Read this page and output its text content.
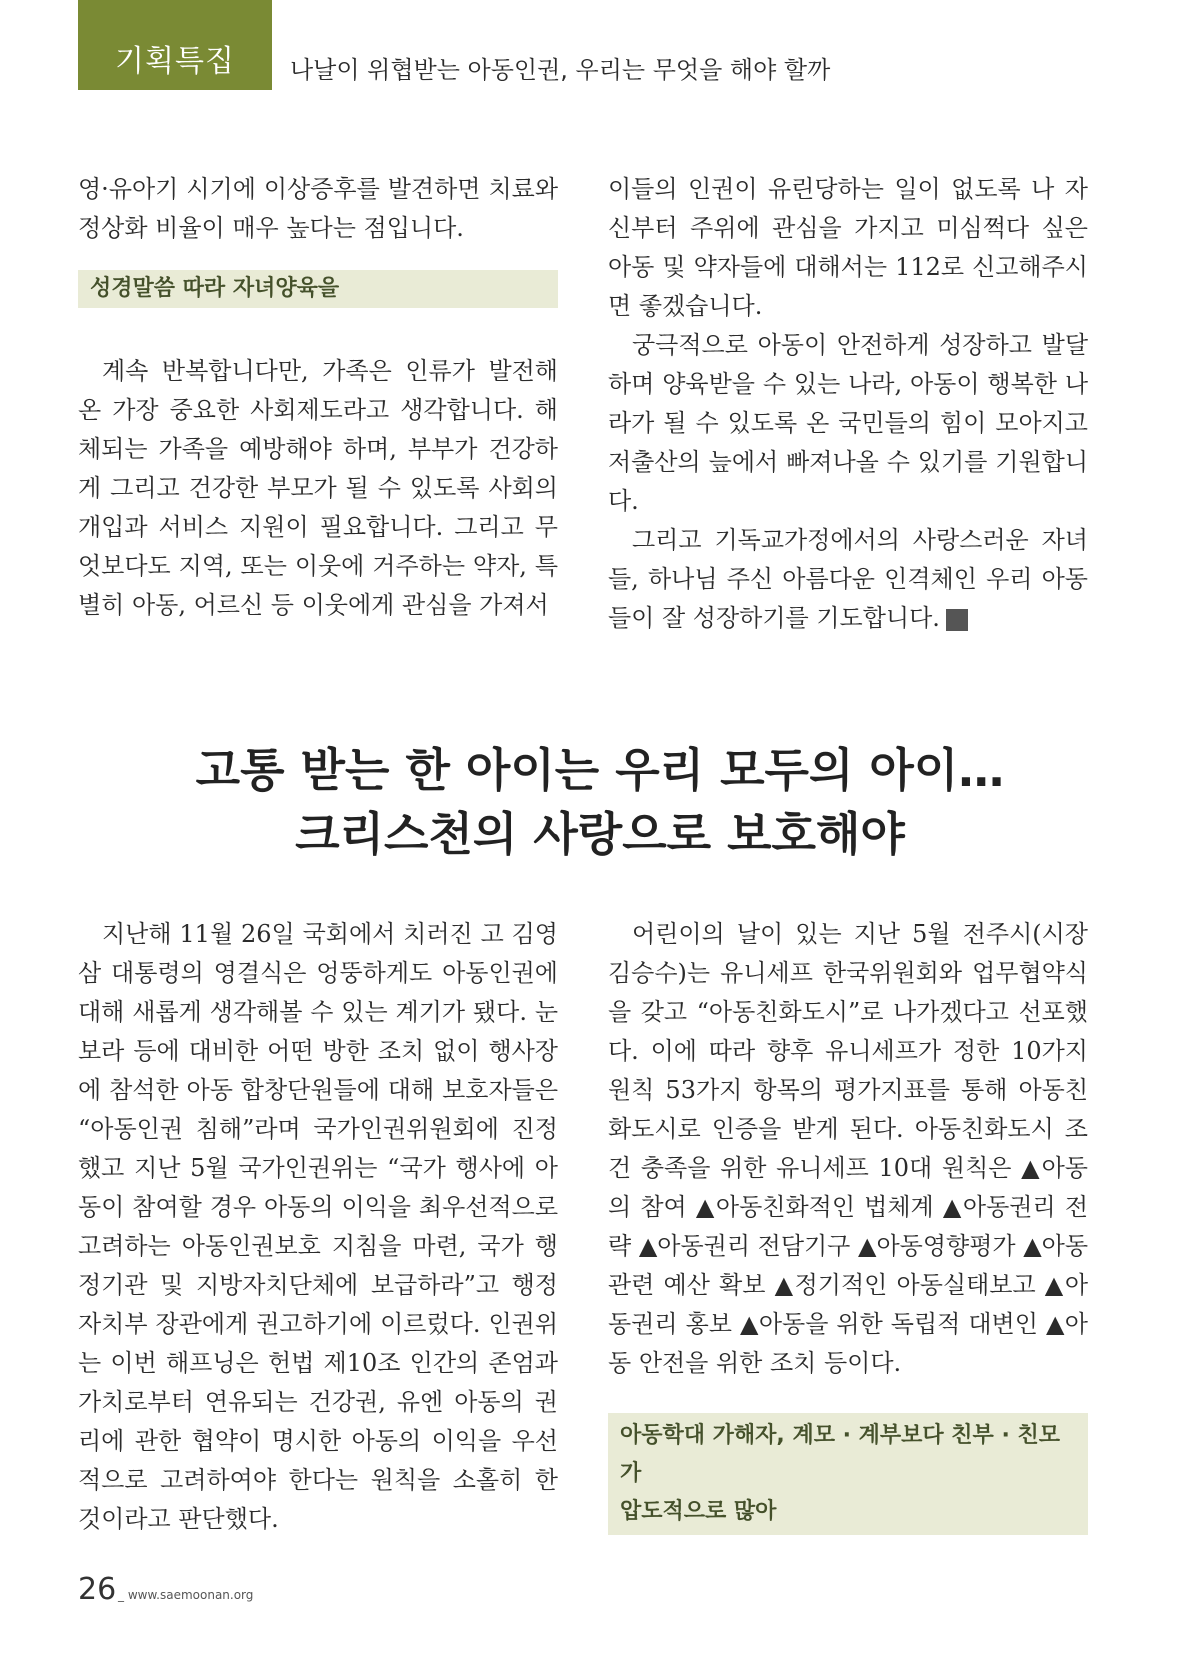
기획특집 나날이 위협받는 아동인권, 우리는 무엇을 해야 할까

영·유아기 시기에 이상증후를 발견하면 치료와 정상화 비율이 매우 높다는 점입니다.

성경말씀 따라 자녀양육을

계속 반복합니다만, 가족은 인류가 발전해 온 가장 중요한 사회제도라고 생각합니다. 해체되는 가족을 예방해야 하며, 부부가 건강하게 그리고 건강한 부모가 될 수 있도록 사회의 개입과 서비스 지원이 필요합니다. 그리고 무엇보다도 지역, 또는 이웃에 거주하는 약자, 특별히 아동, 어르신 등 이웃에게 관심을 가져서

이들의 인권이 유린당하는 일이 없도록 나 자신부터 주위에 관심을 가지고 미심쩍다 싶은 아동 및 약자들에 대해서는 112로 신고해주시면 좋겠습니다.

궁극적으로 아동이 안전하게 성장하고 발달하며 양육받을 수 있는 나라, 아동이 행복한 나라가 될 수 있도록 온 국민들의 힘이 모아지고 저출산의 늪에서 빠져나올 수 있기를 기원합니다.

그리고 기독교가정에서의 사랑스러운 자녀들, 하나님 주신 아름다운 인격체인 우리 아동들이 잘 성장하기를 기도합니다. 새

고통 받는 한 아이는 우리 모두의 아이…
크리스천의 사랑으로 보호해야

지난해 11월 26일 국회에서 치러진 고 김영삼 대통령의 영결식은 엉뚱하게도 아동인권에 대해 새롭게 생각해볼 수 있는 계기가 됐다. 눈보라 등에 대비한 어떤 방한 조치 없이 행사장에 참석한 아동 합창단원들에 대해 보호자들은 “아동인권 침해”라며 국가인권위원회에 진정했고 지난 5월 국가인권위는 “국가 행사에 아동이 참여할 경우 아동의 이익을 최우선적으로 고려하는 아동인권보호 지침을 마련, 국가 행정기관 및 지방자치단체에 보급하라”고 행정자치부 장관에게 권고하기에 이르렀다. 인권위는 이번 해프닝은 헌법 제10조 인간의 존엄과 가치로부터 연유되는 건강권, 유엔 아동의 권리에 관한 협약이 명시한 아동의 이익을 우선적으로 고려하여야 한다는 원칙을 소홀히 한 것이라고 판단했다.

어린이의 날이 있는 지난 5월 전주시(시장 김승수)는 유니세프 한국위원회와 업무협약식을 갖고 “아동친화도시”로 나가겠다고 선포했다. 이에 따라 향후 유니세프가 정한 10가지 원칙 53가지 항목의 평가지표를 통해 아동친화도시로 인증을 받게 된다. 아동친화도시 조건 충족을 위한 유니세프 10대 원칙은 ▲아동의 참여 ▲아동친화적인 법체계 ▲아동권리 전략 ▲아동권리 전담기구 ▲아동영향평가 ▲아동관련 예산 확보 ▲정기적인 아동실태보고 ▲아동권리 홍보 ▲아동을 위한 독립적 대변인 ▲아동 안전을 위한 조치 등이다.

아동학대 가해자, 계모 · 계부보다 친부 · 친모가
압도적으로 많아
26 _ www.saemoonan.org
